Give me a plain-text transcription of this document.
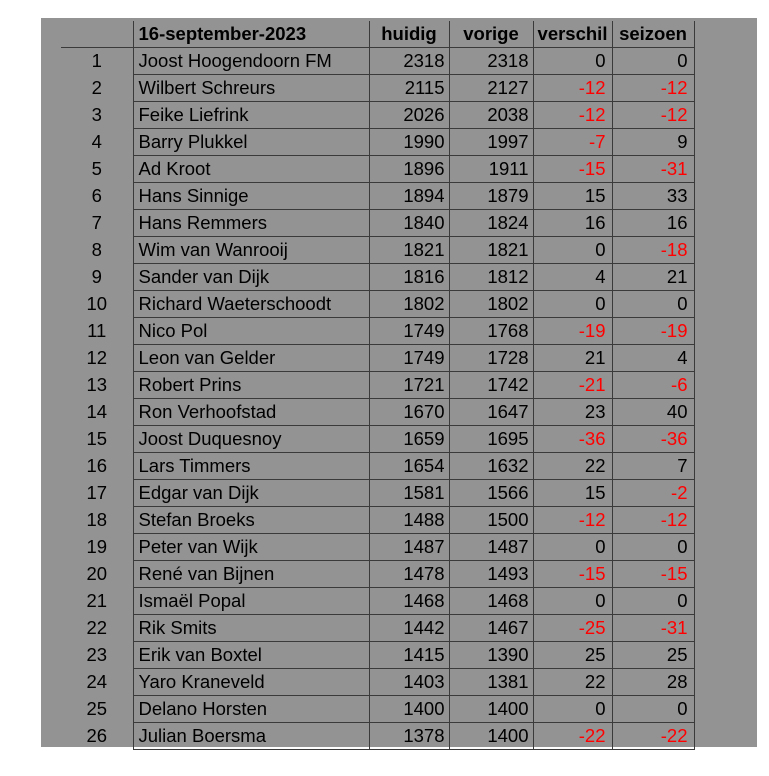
	16-september-2023	huidig	vorige	verschil	seizoen
1	Joost Hoogendoorn FM	2318	2318	0	0
2	Wilbert Schreurs	2115	2127	-12	-12
3	Feike Liefrink	2026	2038	-12	-12
4	Barry Plukkel	1990	1997	-7	9
5	Ad Kroot	1896	1911	-15	-31
6	Hans Sinnige	1894	1879	15	33
7	Hans Remmers	1840	1824	16	16
8	Wim van Wanrooij	1821	1821	0	-18
9	Sander van Dijk	1816	1812	4	21
10	Richard Waeterschoodt	1802	1802	0	0
11	Nico Pol	1749	1768	-19	-19
12	Leon van Gelder	1749	1728	21	4
13	Robert Prins	1721	1742	-21	-6
14	Ron Verhoofstad	1670	1647	23	40
15	Joost Duquesnoy	1659	1695	-36	-36
16	Lars Timmers	1654	1632	22	7
17	Edgar van Dijk	1581	1566	15	-2
18	Stefan Broeks	1488	1500	-12	-12
19	Peter van Wijk	1487	1487	0	0
20	René van Bijnen	1478	1493	-15	-15
21	Ismaël Popal	1468	1468	0	0
22	Rik Smits	1442	1467	-25	-31
23	Erik van Boxtel	1415	1390	25	25
24	Yaro Kraneveld	1403	1381	22	28
25	Delano Horsten	1400	1400	0	0
26	Julian Boersma	1378	1400	-22	-22
